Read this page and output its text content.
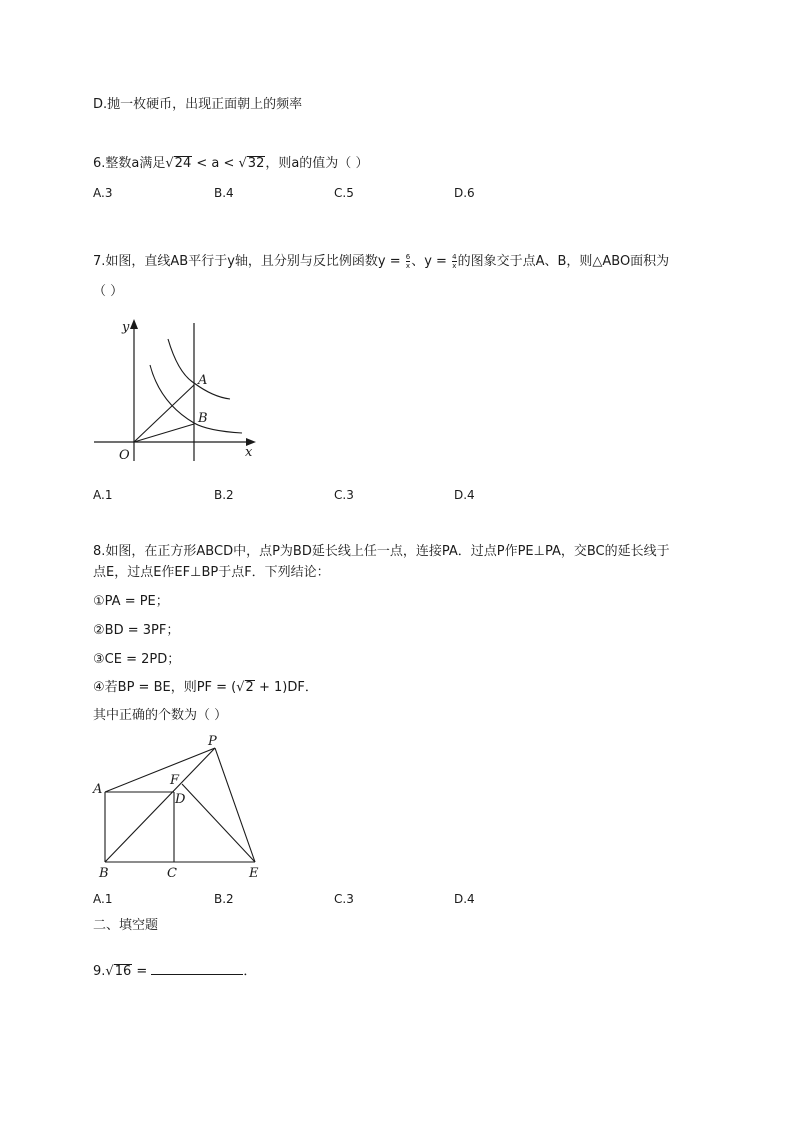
D.抛一枚硬币，出现正面朝上的频率
6.整数a满足√24 < a < √32，则a的值为（ ）
A.3	B.4	C.5	D.6
7.如图，直线AB平行于y轴，且分别与反比例函数$y = \frac{6}{x}$ 、$y = \frac{4}{x}$ 的图象交于点A、B，则△ABO面积为
（ ）
y
x
O
A
B
A.1	B.2	C.3	D.4
8.如图，在正方形ABCD中，点P为BD延长线上任一点，连接PA．过点P作PE⊥PA，交BC的延长线于
点E，过点E作EF⊥BP于点F．下列结论：
①PA = PE；
②BD = 3PF；
③CE = 2PD；
④若BP = BE，则PF = (√2 + 1)DF．
其中正确的个数为（ ）
P
A
F
D
B	C	E
A.1	B.2	C.3	D.4
二、填空题
9.√16 =	．
